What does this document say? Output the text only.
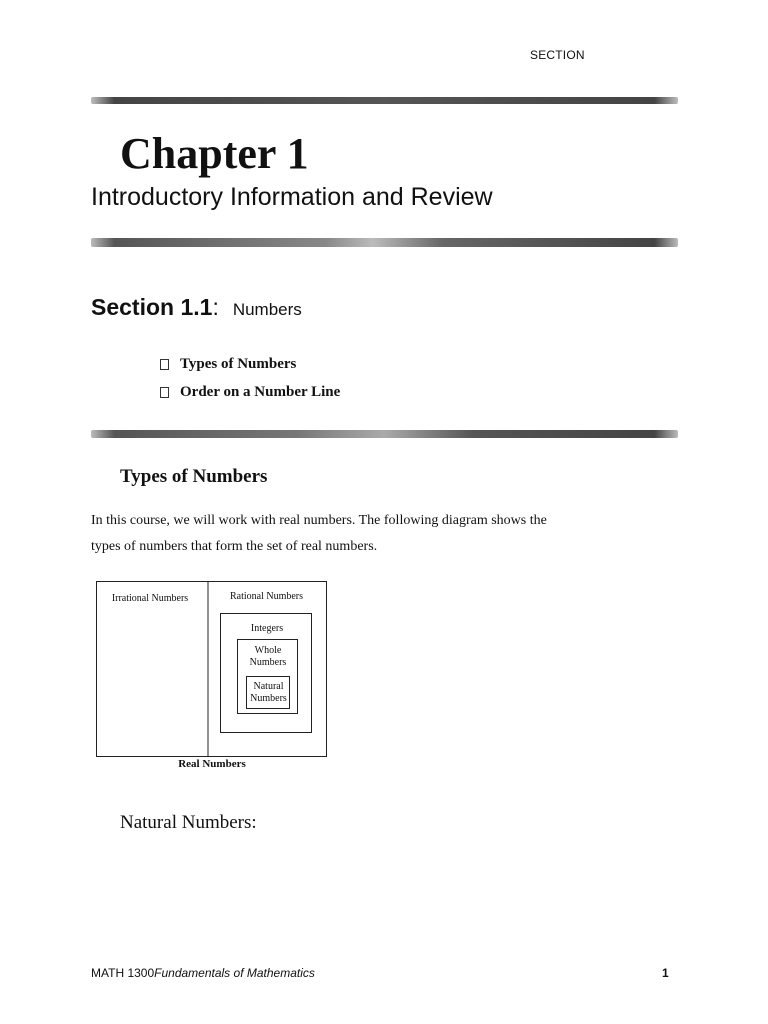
SECTION
Chapter 1
Introductory Information and Review
Section 1.1: Numbers
Types of Numbers
Order on a Number Line
Types of Numbers
In this course, we will work with real numbers. The following diagram shows the
types of numbers that form the set of real numbers.
Irrational Numbers	Rational Numbers
Integers
Whole
Numbers
Natural
Numbers
Real Numbers
Natural Numbers:
MATH 1300Fundamentals of Mathematics	1
